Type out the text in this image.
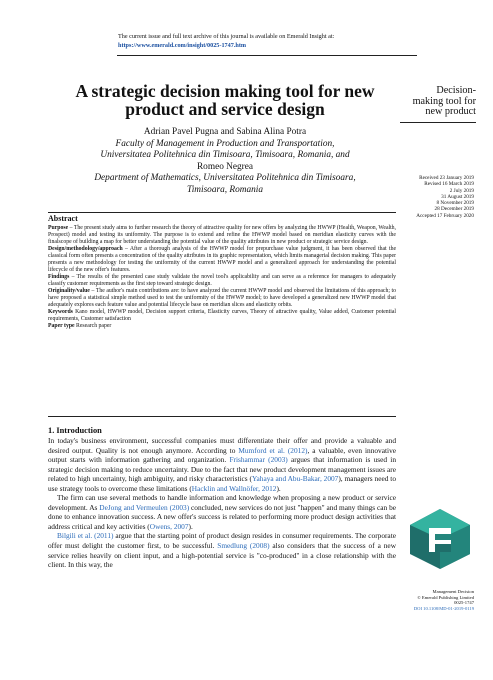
The current issue and full text archive of this journal is available on Emerald Insight at:
https://www.emerald.com/insight/0025-1747.htm
A strategic decision making tool for new product and service design
Adrian Pavel Pugna and Sabina Alina Potra
Faculty of Management in Production and Transportation,
Universitatea Politehnica din Timisoara, Timisoara, Romania, and
Romeo Negrea
Department of Mathematics, Universitatea Politehnica din Timisoara,
Timisoara, Romania
Decision-
making tool for
new product
Received 23 January 2019
Revised 16 March 2019
2 July 2019
31 August 2019
8 November 2019
28 December 2019
Accepted 17 February 2020

Abstract

Purpose – The present study aims to further research the theory of attractive quality for new offers by analyzing the HWWP (Health, Weapon, Wealth, Prospect) model and testing its uniformity. The purpose is to extend and refine the HWWP model based on meridian elasticity curves with the finalscope of building a map for better understanding the potential value of the quality attributes in new product or strategic service design.

Design/methodology/approach – After a thorough analysis of the HWWP model for prepurchase value judgment, it has been observed that the classical form often presents a concentration of the quality attributes in its graphic representation, which limits managerial decision making. This paper presents a new methodology for testing the uniformity of the current HWWP model and a generalized approach for understanding the potential lifecycle of the new offer's features.

Findings – The results of the presented case study validate the novel tool's applicability and can serve as a reference for managers to adequately classify customer requirements as the first step toward strategic design.

Originality/value – The author's main contributions are: to have analyzed the current HWWP model and observed the limitations of this approach; to have proposed a statistical simple method used to test the uniformity of the HWWP model; to have developed a generalized new HWWP model that adequately explores each feature value and potential lifecycle base on meridian slices and elasticity orbits.

Keywords Kano model, HWWP model, Decision support criteria, Elasticity curves, Theory of attractive quality, Value added, Customer potential requirements, Customer satisfaction

Paper type Research paper

1. Introduction

In today's business environment, successful companies must differentiate their offer and provide a valuable and desired output. Quality is not enough anymore. According to Mumford et al. (2012), a valuable, even innovative output starts with information gathering and organization. Frishammar (2003) argues that information is used in strategic decision making to reduce uncertainty. Due to the fact that new product development management issues are related to high uncertainty, high ambiguity, and risky characteristics (Yahaya and Abu-Bakar, 2007), managers need to use strategy tools to overcome these limitations (Hacklin and Wallnöfer, 2012).

The firm can use several methods to handle information and knowledge when proposing a new product or service development. As DeJong and Vermeulen (2003) concluded, new services do not just "happen" and many things can be done to enhance innovation success. A new offer's success is related to performing more product design activities that address critical and key activities (Owens, 2007).

Bilgili et al. (2011) argue that the starting point of product design resides in consumer requirements. The corporate offer must delight the customer first, to be successful. Smedlung (2008) also considers that the success of a new service relies heavily on client input, and a high-potential service is "co-produced" in a close relationship with the client. In this way, the

Management Decision
© Emerald Publishing Limited
0025-1747
DOI 10.1108/MD-01-2019-0119
